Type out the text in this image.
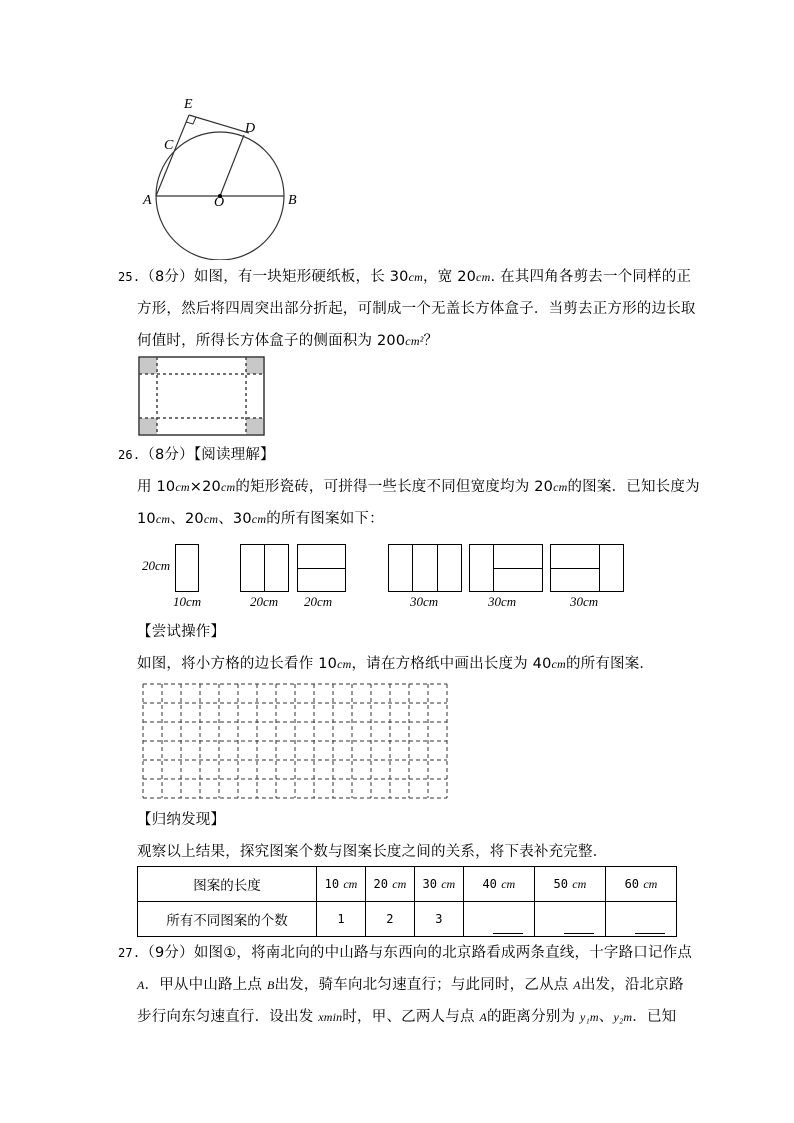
E
C
D
A	O	B
25.（8分）如图，有一块矩形硬纸板，长 30cm，宽 20cm. 在其四角各剪去一个同样的正
方形，然后将四周突出部分折起，可制成一个无盖长方体盒子．当剪去正方形的边长取
何值时，所得长方体盒子的侧面积为 200cm²？
26.（8分）【阅读理解】
用 10cm×20cm的矩形瓷砖，可拼得一些长度不同但宽度均为 20cm的图案．已知长度为
10cm、20cm、30cm的所有图案如下：
20cm
10cm	20cm 20cm	30cm	30cm	30cm
【尝试操作】
如图，将小方格的边长看作 10cm，请在方格纸中画出长度为 40cm的所有图案．
【归纳发现】
观察以上结果，探究图案个数与图案长度之间的关系，将下表补充完整．
图案的长度	10 cm	20 cm	30 cm	40 cm	50 cm	60 cm
所有不同图案的个数	1	2	3			
27.（9分）如图①，将南北向的中山路与东西向的北京路看成两条直线，十字路口记作点
A．甲从中山路上点 B出发，骑车向北匀速直行；与此同时，乙从点 A出发，沿北京路
步行向东匀速直行．设出发 xmin时，甲、乙两人与点 A的距离分别为 y₁m、y₂m．已知
